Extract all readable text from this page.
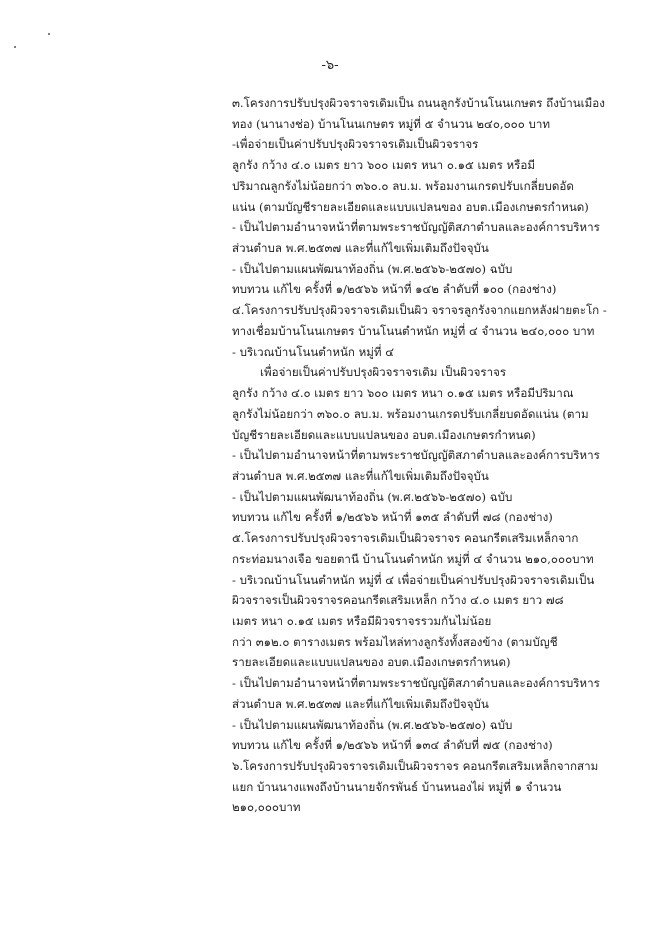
-๖-
๓.โครงการปรับปรุงผิวจราจรเดิมเป็น ถนนลูกรังบ้านโนนเกษตร ถึงบ้านเมือง
ทอง (นานางช่อ) บ้านโนนเกษตร หมู่ที่ ๕ จำนวน ๒๔๐,๐๐๐ บาท
-เพื่อจ่ายเป็นค่าปรับปรุงผิวจราจรเดิมเป็นผิวจราจร
ลูกรัง กว้าง ๔.๐ เมตร ยาว ๖๐๐ เมตร หนา ๐.๑๕ เมตร หรือมี
ปริมาณลูกรังไม่น้อยกว่า ๓๖๐.๐ ลบ.ม. พร้อมงานเกรดปรับเกลี่ยบดอัด
แน่น (ตามบัญชีรายละเอียดและแบบแปลนของ อบต.เมืองเกษตรกำหนด)
- เป็นไปตามอำนาจหน้าที่ตามพระราชบัญญัติสภาตำบลและองค์การบริหาร
ส่วนตำบล พ.ศ.๒๕๓๗ และที่แก้ไขเพิ่มเติมถึงปัจจุบัน
- เป็นไปตามแผนพัฒนาท้องถิ่น (พ.ศ.๒๕๖๖-๒๕๗๐) ฉบับ
ทบทวน แก้ไข ครั้งที่ ๑/๒๕๖๖ หน้าที่ ๑๔๒ ลำดับที่ ๑๐๐ (กองช่าง)
๔.โครงการปรับปรุงผิวจราจรเดิมเป็นผิว จราจรลูกรังจากแยกหลังฝายตะโก -
ทางเชื่อมบ้านโนนเกษตร บ้านโนนตำหนัก หมู่ที่ ๔ จำนวน ๒๔๐,๐๐๐ บาท
- บริเวณบ้านโนนตำหนัก หมู่ที่ ๔
เพื่อจ่ายเป็นค่าปรับปรุงผิวจราจรเดิม เป็นผิวจราจร
ลูกรัง กว้าง ๔.๐ เมตร ยาว ๖๐๐ เมตร หนา ๐.๑๕ เมตร หรือมีปริมาณ
ลูกรังไม่น้อยกว่า ๓๖๐.๐ ลบ.ม. พร้อมงานเกรดปรับเกลี่ยบดอัดแน่น (ตาม
บัญชีรายละเอียดและแบบแปลนของ อบต.เมืองเกษตรกำหนด)
- เป็นไปตามอำนาจหน้าที่ตามพระราชบัญญัติสภาตำบลและองค์การบริหาร
ส่วนตำบล พ.ศ.๒๕๓๗ และที่แก้ไขเพิ่มเติมถึงปัจจุบัน
- เป็นไปตามแผนพัฒนาท้องถิ่น (พ.ศ.๒๕๖๖-๒๕๗๐) ฉบับ
ทบทวน แก้ไข ครั้งที่ ๑/๒๕๖๖ หน้าที่ ๑๓๕ ลำดับที่ ๗๘ (กองช่าง)
๕.โครงการปรับปรุงผิวจราจรเดิมเป็นผิวจราจร คอนกรีตเสริมเหล็กจาก
กระท่อมนางเจือ ขอยตานี บ้านโนนตำหนัก หมู่ที่ ๔ จำนวน ๒๑๐,๐๐๐บาท
- บริเวณบ้านโนนตำหนัก หมู่ที่ ๔ เพื่อจ่ายเป็นค่าปรับปรุงผิวจราจรเดิมเป็น
ผิวจราจรเป็นผิวจราจรคอนกรีตเสริมเหล็ก กว้าง ๔.๐ เมตร ยาว ๗๘
เมตร หนา ๐.๑๕ เมตร หรือมีผิวจราจรรวมกันไม่น้อย
กว่า ๓๑๒.๐ ตารางเมตร พร้อมไหล่ทางลูกรังทั้งสองข้าง (ตามบัญชี
รายละเอียดและแบบแปลนของ อบต.เมืองเกษตรกำหนด)
- เป็นไปตามอำนาจหน้าที่ตามพระราชบัญญัติสภาตำบลและองค์การบริหาร
ส่วนตำบล พ.ศ.๒๕๓๗ และที่แก้ไขเพิ่มเติมถึงปัจจุบัน
- เป็นไปตามแผนพัฒนาท้องถิ่น (พ.ศ.๒๕๖๖-๒๕๗๐) ฉบับ
ทบทวน แก้ไข ครั้งที่ ๑/๒๕๖๖ หน้าที่ ๑๓๔ ลำดับที่ ๗๕ (กองช่าง)
๖.โครงการปรับปรุงผิวจราจรเดิมเป็นผิวจราจร คอนกรีตเสริมเหล็กจากสาม
แยก บ้านนางแพงถึงบ้านนายจักรพันธ์ บ้านหนองไผ่ หมู่ที่ ๑ จำนวน
๒๑๐,๐๐๐บาท
